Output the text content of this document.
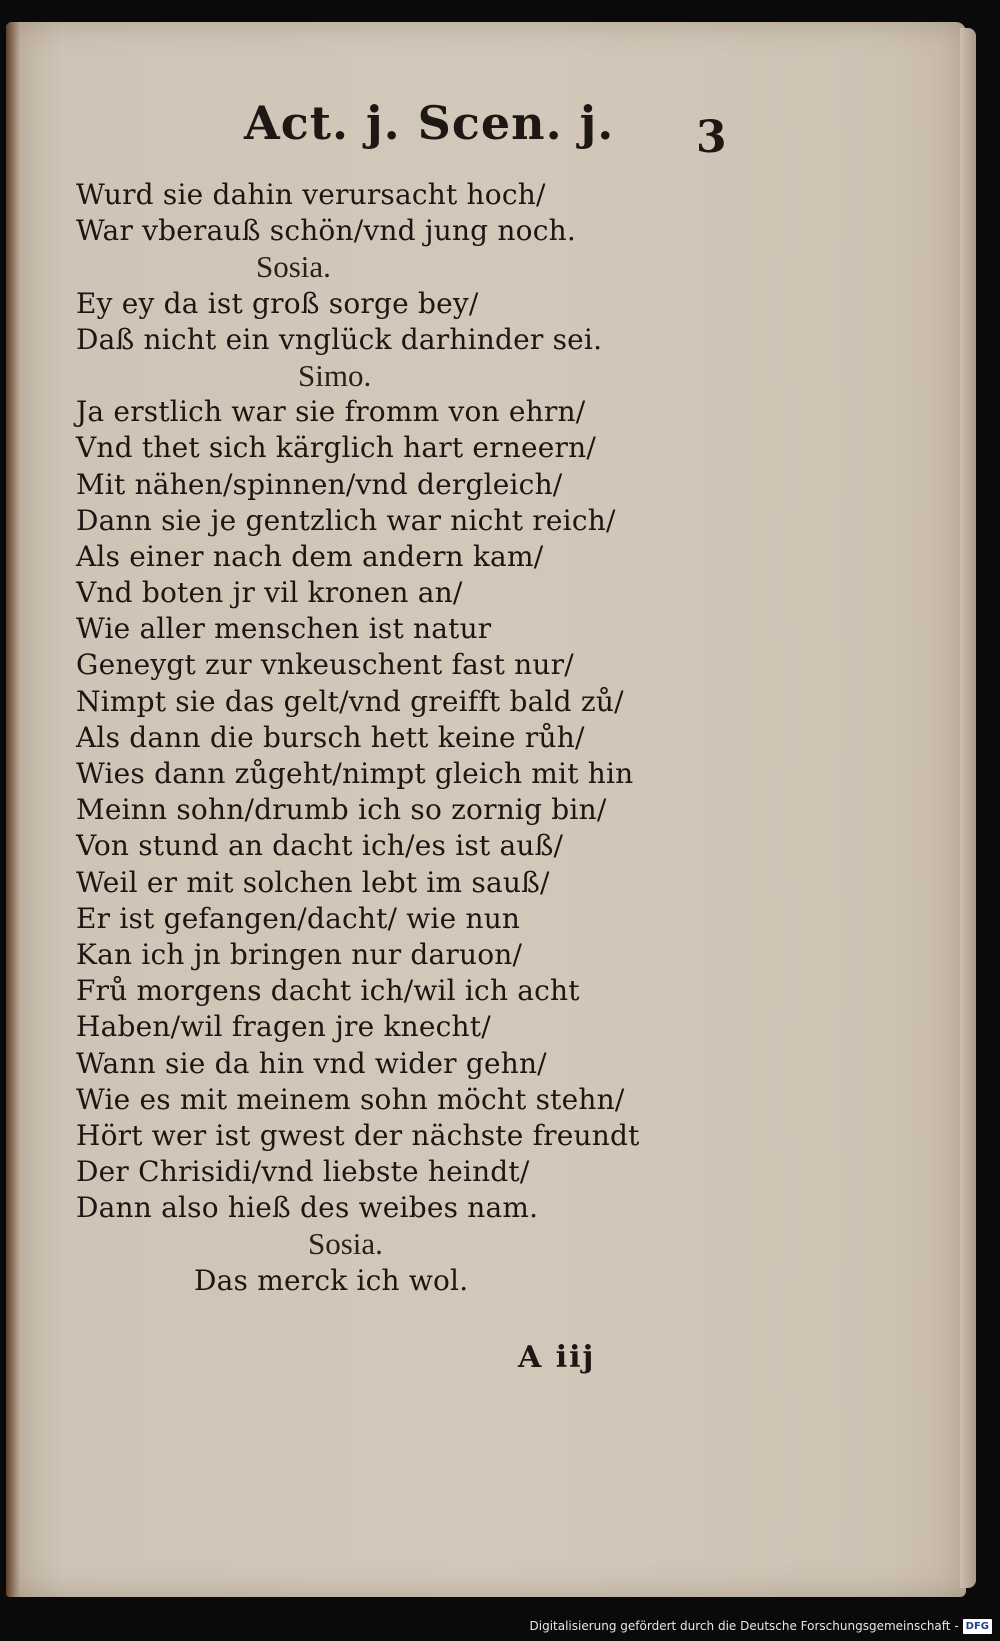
Act. j. Scen. j. 3
Wurd sie dahin verursacht hoch/
War vberauß schön/vnd jung noch.
Sosia.
Ey ey da ist groß sorge bey/
Daß nicht ein vnglück darhinder sei.
Simo.
Ja erstlich war sie fromm von ehrn/
Vnd thet sich kärglich hart erneern/
Mit nähen/spinnen/vnd dergleich/
Dann sie je gentzlich war nicht reich/
Als einer nach dem andern kam/
Vnd boten jr vil kronen an/
Wie aller menschen ist natur
Geneygt zur vnkeuschent fast nur/
Nimpt sie das gelt/vnd greifft bald zů/
Als dann die bursch hett keine růh/
Wies dann zůgeht/nimpt gleich mit hin
Meinn sohn/drumb ich so zornig bin/
Von stund an dacht ich/es ist auß/
Weil er mit solchen lebt im sauß/
Er ist gefangen/dacht/ wie nun
Kan ich jn bringen nur daruon/
Frů morgens dacht ich/wil ich acht
Haben/wil fragen jre knecht/
Wann sie da hin vnd wider gehn/
Wie es mit meinem sohn möcht stehn/
Hört wer ist gwest der nächste freundt
Der Chrisidi/vnd liebste heindt/
Dann also hieß des weibes nam.
Sosia.
Das merck ich wol.
A iij
Digitalisierung gefördert durch die Deutsche Forschungsgemeinschaft - DFG
